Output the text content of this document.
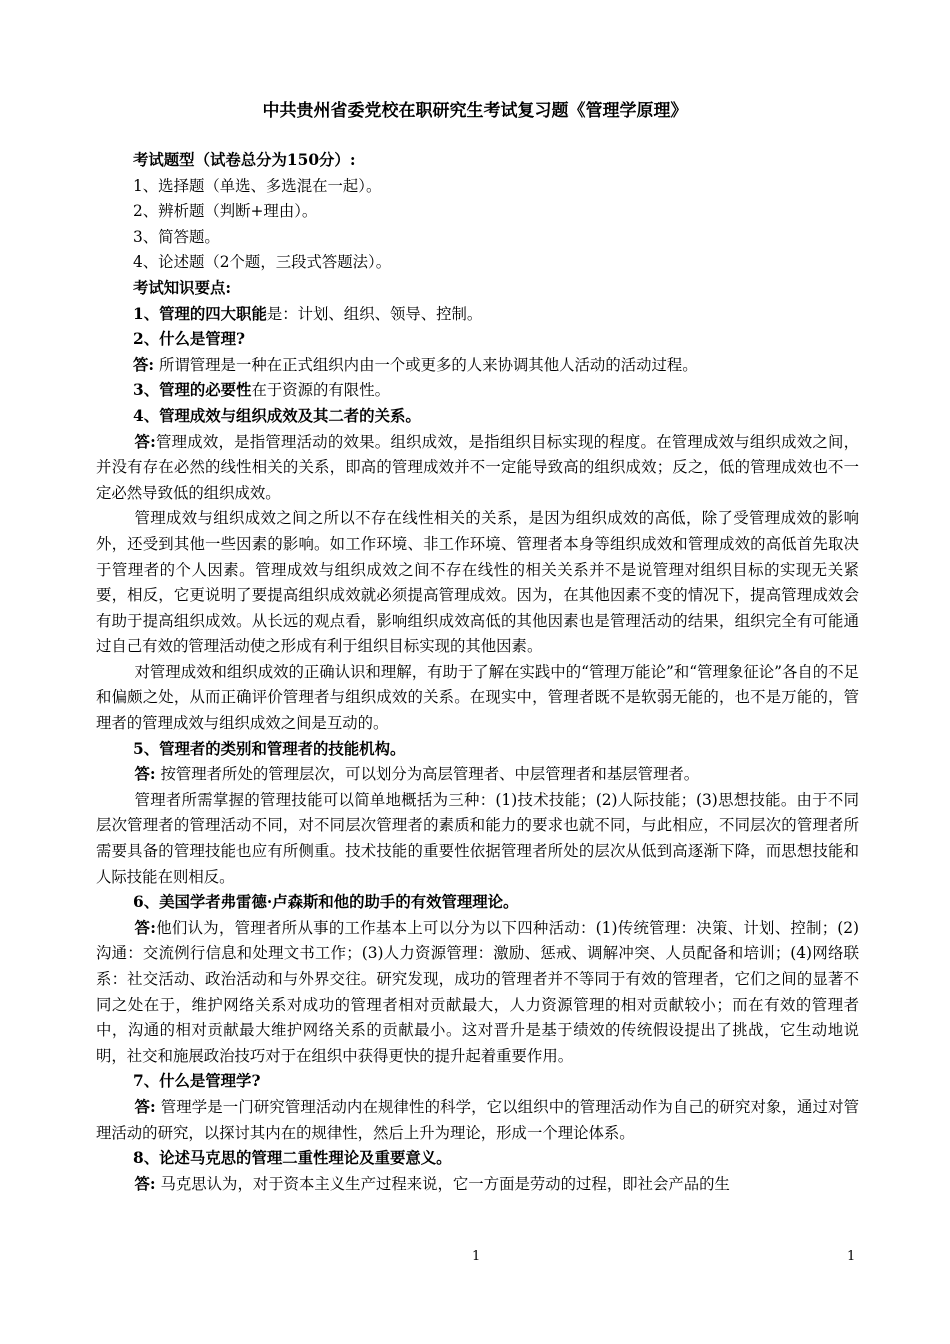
中共贵州省委党校在职研究生考试复习题《管理学原理》

考试题型（试卷总分为150分）:

1、选择题（单选、多选混在一起）。

2、辨析题（判断+理由）。

3、简答题。

4、论述题（2个题，三段式答题法）。

考试知识要点:

1、管理的四大职能是：计划、组织、领导、控制。

2、什么是管理?

答: 所谓管理是一种在正式组织内由一个或更多的人来协调其他人活动的活动过程。

3、管理的必要性在于资源的有限性。

4、管理成效与组织成效及其二者的关系。

答:管理成效，是指管理活动的效果。组织成效，是指组织目标实现的程度。在管理成效与组织成效之间，并没有存在必然的线性相关的关系，即高的管理成效并不一定能导致高的组织成效；反之，低的管理成效也不一定必然导致低的组织成效。

管理成效与组织成效之间之所以不存在线性相关的关系，是因为组织成效的高低，除了受管理成效的影响外，还受到其他一些因素的影响。如工作环境、非工作环境、管理者本身等组织成效和管理成效的高低首先取决于管理者的个人因素。管理成效与组织成效之间不存在线性的相关关系并不是说管理对组织目标的实现无关紧要，相反，它更说明了要提高组织成效就必须提高管理成效。因为，在其他因素不变的情况下，提高管理成效会有助于提高组织成效。从长远的观点看，影响组织成效高低的其他因素也是管理活动的结果，组织完全有可能通过自己有效的管理活动使之形成有利于组织目标实现的其他因素。

对管理成效和组织成效的正确认识和理解，有助于了解在实践中的“管理万能论”和“管理象征论”各自的不足和偏颇之处，从而正确评价管理者与组织成效的关系。在现实中，管理者既不是软弱无能的，也不是万能的，管理者的管理成效与组织成效之间是互动的。

5、管理者的类别和管理者的技能机构。

答: 按管理者所处的管理层次，可以划分为高层管理者、中层管理者和基层管理者。

管理者所需掌握的管理技能可以简单地概括为三种：(1)技术技能；(2)人际技能；(3)思想技能。由于不同层次管理者的管理活动不同，对不同层次管理者的素质和能力的要求也就不同，与此相应，不同层次的管理者所需要具备的管理技能也应有所侧重。技术技能的重要性依据管理者所处的层次从低到高逐渐下降，而思想技能和人际技能在则相反。

6、美国学者弗雷德·卢森斯和他的助手的有效管理理论。

答:他们认为，管理者所从事的工作基本上可以分为以下四种活动：(1)传统管理：决策、计划、控制；(2)沟通：交流例行信息和处理文书工作；(3)人力资源管理：激励、惩戒、调解冲突、人员配备和培训；(4)网络联系：社交活动、政治活动和与外界交往。研究发现，成功的管理者并不等同于有效的管理者，它们之间的显著不同之处在于，维护网络关系对成功的管理者相对贡献最大，人力资源管理的相对贡献较小；而在有效的管理者中，沟通的相对贡献最大维护网络关系的贡献最小。这对晋升是基于绩效的传统假设提出了挑战，它生动地说明，社交和施展政治技巧对于在组织中获得更快的提升起着重要作用。

7、什么是管理学?

答: 管理学是一门研究管理活动内在规律性的科学，它以组织中的管理活动作为自己的研究对象，通过对管理活动的研究，以探讨其内在的规律性，然后上升为理论，形成一个理论体系。

8、论述马克思的管理二重性理论及重要意义。

答: 马克思认为，对于资本主义生产过程来说，它一方面是劳动的过程，即社会产品的生

1	1
